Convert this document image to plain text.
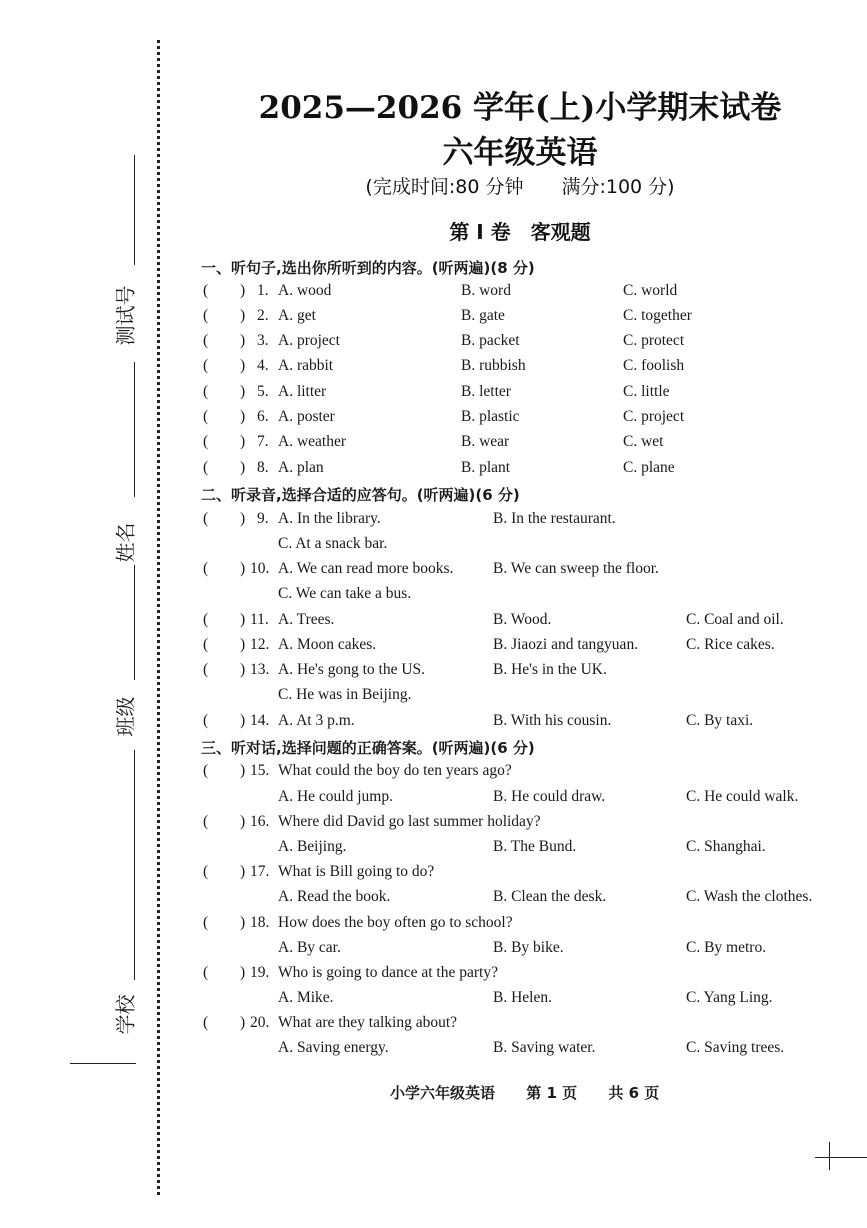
测试号
姓名
班级
学校
2025—2026 学年(上)小学期末试卷
六年级英语
(完成时间:80 分钟　　满分:100 分)
第 I 卷　客观题
一、听句子,选出你所听到的内容。(听两遍)(8 分)
( ) 1. A. wood	B. word	C. world
( ) 2. A. get	B. gate	C. together
( ) 3. A. project	B. packet	C. protect
( ) 4. A. rabbit	B. rubbish	C. foolish
( ) 5. A. litter	B. letter	C. little
( ) 6. A. poster	B. plastic	C. project
( ) 7. A. weather	B. wear	C. wet
( ) 8. A. plan	B. plant	C. plane
二、听录音,选择合适的应答句。(听两遍)(6 分)
( ) 9. A. In the library.	B. In the restaurant.
C. At a snack bar.
( ) 10. A. We can read more books.	B. We can sweep the floor.
C. We can take a bus.
( ) 11. A. Trees.	B. Wood.	C. Coal and oil.
( ) 12. A. Moon cakes.	B. Jiaozi and tangyuan.	C. Rice cakes.
( ) 13. A. He's gong to the US.	B. He's in the UK.
C. He was in Beijing.
( ) 14. A. At 3 p.m.	B. With his cousin.	C. By taxi.
三、听对话,选择问题的正确答案。(听两遍)(6 分)
( ) 15. What could the boy do ten years ago?
A. He could jump.	B. He could draw.	C. He could walk.
( ) 16. Where did David go last summer holiday?
A. Beijing.	B. The Bund.	C. Shanghai.
( ) 17. What is Bill going to do?
A. Read the book.	B. Clean the desk.	C. Wash the clothes.
( ) 18. How does the boy often go to school?
A. By car.	B. By bike.	C. By metro.
( ) 19. Who is going to dance at the party?
A. Mike.	B. Helen.	C. Yang Ling.
( ) 20. What are they talking about?
A. Saving energy.	B. Saving water.	C. Saving trees.
小学六年级英语 第 1 页 共 6 页
